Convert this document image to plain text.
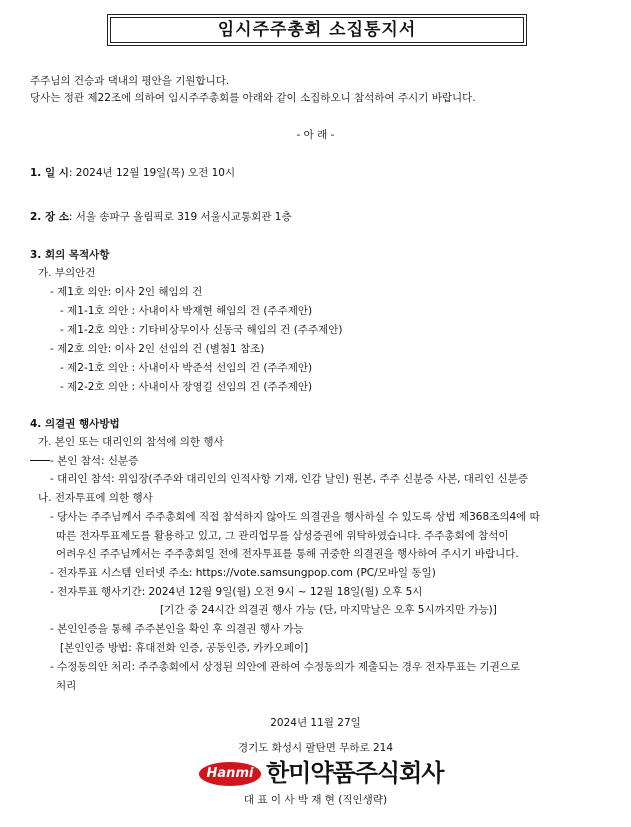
임시주주총회 소집통지서
주주님의 건승과 댁내의 평안을 기원합니다.
당사는 정관 제22조에 의하여 임시주주총회를 아래와 같이 소집하오니 참석하여 주시기 바랍니다.
- 아 래 -
1. 일 시: 2024년 12월 19일(목) 오전 10시
2. 장 소: 서울 송파구 올림픽로 319 서울시교통회관 1층
3. 회의 목적사항
가. 부의안건
- 제1호 의안: 이사 2인 해임의 건
- 제1-1호 의안 : 사내이사 박재현 해임의 건 (주주제안)
- 제1-2호 의안 : 기타비상무이사 신동국 해임의 건 (주주제안)
- 제2호 의안: 이사 2인 선임의 건 (별첨1 참조)
- 제2-1호 의안 : 사내이사 박준석 선임의 건 (주주제안)
- 제2-2호 의안 : 사내이사 장영길 선임의 건 (주주제안)
4. 의결권 행사방법
가. 본인 또는 대리인의 참석에 의한 행사
- 본인 참석: 신분증
- 대리인 참석: 위임장(주주와 대리인의 인적사항 기재, 인감 날인) 원본, 주주 신분증 사본, 대리인 신분증
나. 전자투표에 의한 행사
- 당사는 주주님께서 주주총회에 직접 참석하지 않아도 의결권을 행사하실 수 있도록 상법 제368조의4에 따
따른 전자투표제도를 활용하고 있고, 그 관리업무를 삼성증권에 위탁하였습니다. 주주총회에 참석이
어려우신 주주님께서는 주주총회일 전에 전자투표를 통해 귀중한 의결권을 행사하여 주시기 바랍니다.
- 전자투표 시스템 인터넷 주소: https://vote.samsungpop.com (PC/모바일 동일)
- 전자투표 행사기간: 2024년 12월 9일(월) 오전 9시 ~ 12월 18일(월) 오후 5시
[기간 중 24시간 의결권 행사 가능 (단, 마지막날은 오후 5시까지만 가능)]
- 본인인증을 통해 주주본인을 확인 후 의결권 행사 가능
[본인인증 방법: 휴대전화 인증, 공동인증, 카카오페이]
- 수정동의안 처리: 주주총회에서 상정된 의안에 관하여 수정동의가 제출되는 경우 전자투표는 기권으로
처리
2024년 11월 27일
경기도 화성시 팔탄면 무하로 214
Hanmi 한미약품주식회사
대 표 이 사 박 재 현 (직인생략)
